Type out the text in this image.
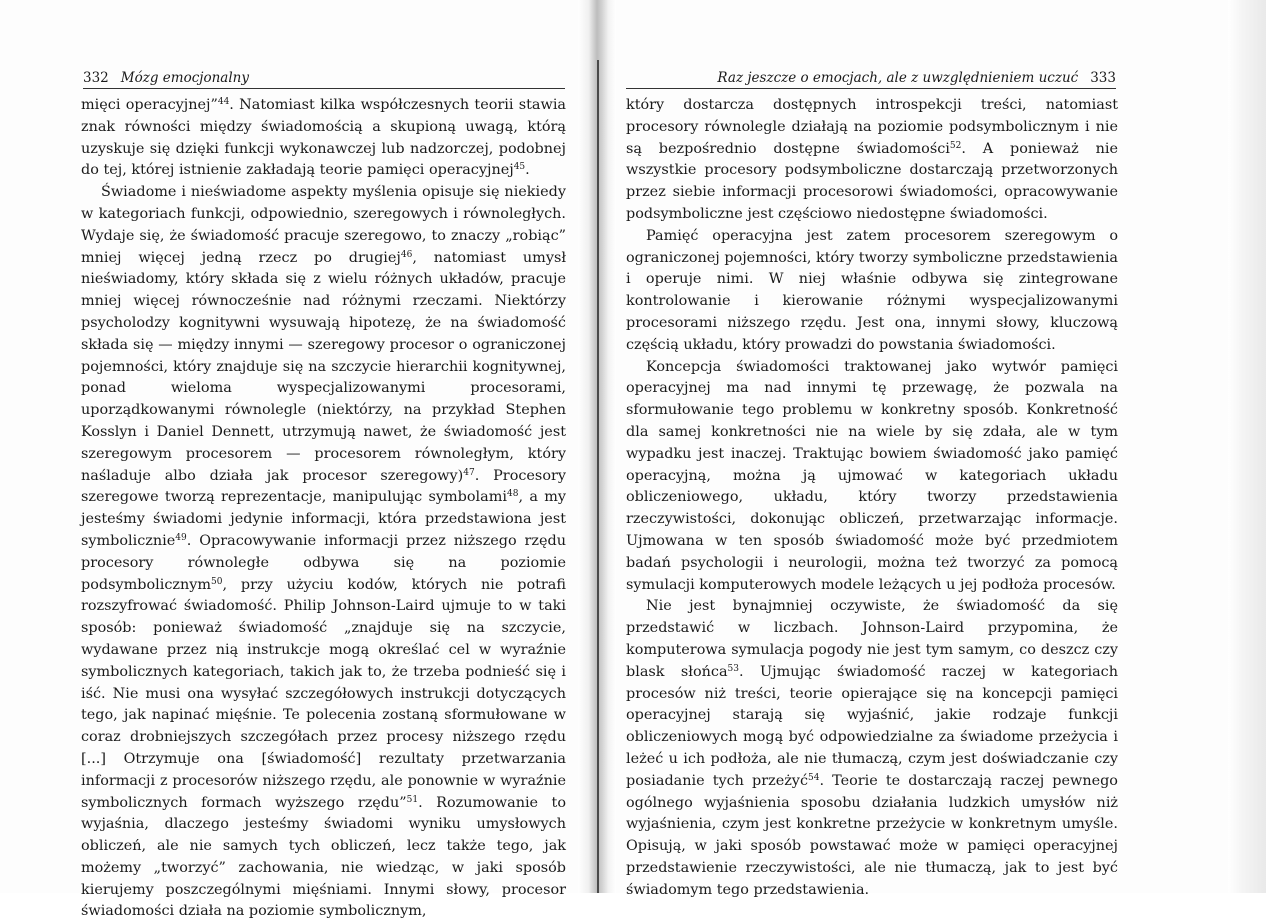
332 Mózg emocjonalny	Raz jeszcze o emocjach, ale z uwzględnieniem uczuć 333

mięci operacyjnej”$^{44}$. Natomiast kilka współczesnych teorii stawia znak równości między świadomością a skupioną uwagą, którą uzyskuje się dzięki funkcji wykonawczej lub nadzorczej, podobnej do tej, której istnienie zakładają teorie pamięci operacyjnej$^{45}$.

Świadome i nieświadome aspekty myślenia opisuje się niekiedy w kategoriach funkcji, odpowiednio, szeregowych i równoległych. Wydaje się, że świadomość pracuje szeregowo, to znaczy „robiąc” mniej więcej jedną rzecz po drugiej$^{46}$, natomiast umysł nieświadomy, który składa się z wielu różnych układów, pracuje mniej więcej równocześnie nad różnymi rzeczami. Niektórzy psycholodzy kognitywni wysuwają hipotezę, że na świadomość składa się — między innymi — szeregowy procesor o ograniczonej pojemności, który znajduje się na szczycie hierarchii kognitywnej, ponad wieloma wyspecjalizowanymi procesorami, uporządkowanymi równolegle (niektórzy, na przykład Stephen Kosslyn i Daniel Dennett, utrzymują nawet, że świadomość jest szeregowym procesorem — procesorem równoległym, który naśladuje albo działa jak procesor szeregowy)$^{47}$. Procesory szeregowe tworzą reprezentacje, manipulując symbolami$^{48}$, a my jesteśmy świadomi jedynie informacji, która przedstawiona jest symbolicznie$^{49}$. Opracowywanie informacji przez niższego rzędu procesory równoległe odbywa się na poziomie podsymbolicznym$^{50}$, przy użyciu kodów, których nie potrafi rozszyfrować świadomość. Philip Johnson-Laird ujmuje to w taki sposób: ponieważ świadomość „znajduje się na szczycie, wydawane przez nią instrukcje mogą określać cel w wyraźnie symbolicznych kategoriach, takich jak to, że trzeba podnieść się i iść. Nie musi ona wysyłać szczegółowych instrukcji dotyczących tego, jak napinać mięśnie. Te polecenia zostaną sformułowane w coraz drobniejszych szczegółach przez procesy niższego rzędu [...] Otrzymuje ona [świadomość] rezultaty przetwarzania informacji z procesorów niższego rzędu, ale ponownie w wyraźnie symbolicznych formach wyższego rzędu”$^{51}$. Rozumowanie to wyjaśnia, dlaczego jesteśmy świadomi wyniku umysłowych obliczeń, ale nie samych tych obliczeń, lecz także tego, jak możemy „tworzyć” zachowania, nie wiedząc, w jaki sposób kierujemy poszczególnymi mięśniami. Innymi słowy, procesor świadomości działa na poziomie symbolicznym,

który dostarcza dostępnych introspekcji treści, natomiast procesory równolegle działają na poziomie podsymbolicznym i nie są bezpośrednio dostępne świadomości$^{52}$. A ponieważ nie wszystkie procesory podsymboliczne dostarczają przetworzonych przez siebie informacji procesorowi świadomości, opracowywanie podsymboliczne jest częściowo niedostępne świadomości.

Pamięć operacyjna jest zatem procesorem szeregowym o ograniczonej pojemności, który tworzy symboliczne przedstawienia i operuje nimi. W niej właśnie odbywa się zintegrowane kontrolowanie i kierowanie różnymi wyspecjalizowanymi procesorami niższego rzędu. Jest ona, innymi słowy, kluczową częścią układu, który prowadzi do powstania świadomości.

Koncepcja świadomości traktowanej jako wytwór pamięci operacyjnej ma nad innymi tę przewagę, że pozwala na sformułowanie tego problemu w konkretny sposób. Konkretność dla samej konkretności nie na wiele by się zdała, ale w tym wypadku jest inaczej. Traktując bowiem świadomość jako pamięć operacyjną, można ją ujmować w kategoriach układu obliczeniowego, układu, który tworzy przedstawienia rzeczywistości, dokonując obliczeń, przetwarzając informacje. Ujmowana w ten sposób świadomość może być przedmiotem badań psychologii i neurologii, można też tworzyć za pomocą symulacji komputerowych modele leżących u jej podłoża procesów.

Nie jest bynajmniej oczywiste, że świadomość da się przedstawić w liczbach. Johnson-Laird przypomina, że komputerowa symulacja pogody nie jest tym samym, co deszcz czy blask słońca$^{53}$. Ujmując świadomość raczej w kategoriach procesów niż treści, teorie opierające się na koncepcji pamięci operacyjnej starają się wyjaśnić, jakie rodzaje funkcji obliczeniowych mogą być odpowiedzialne za świadome przeżycia i leżeć u ich podłoża, ale nie tłumaczą, czym jest doświadczanie czy posiadanie tych przeżyć$^{54}$. Teorie te dostarczają raczej pewnego ogólnego wyjaśnienia sposobu działania ludzkich umysłów niż wyjaśnienia, czym jest konkretne przeżycie w konkretnym umyśle. Opisują, w jaki sposób powstawać może w pamięci operacyjnej przedstawienie rzeczywistości, ale nie tłumaczą, jak to jest być świadomym tego przedstawienia.
